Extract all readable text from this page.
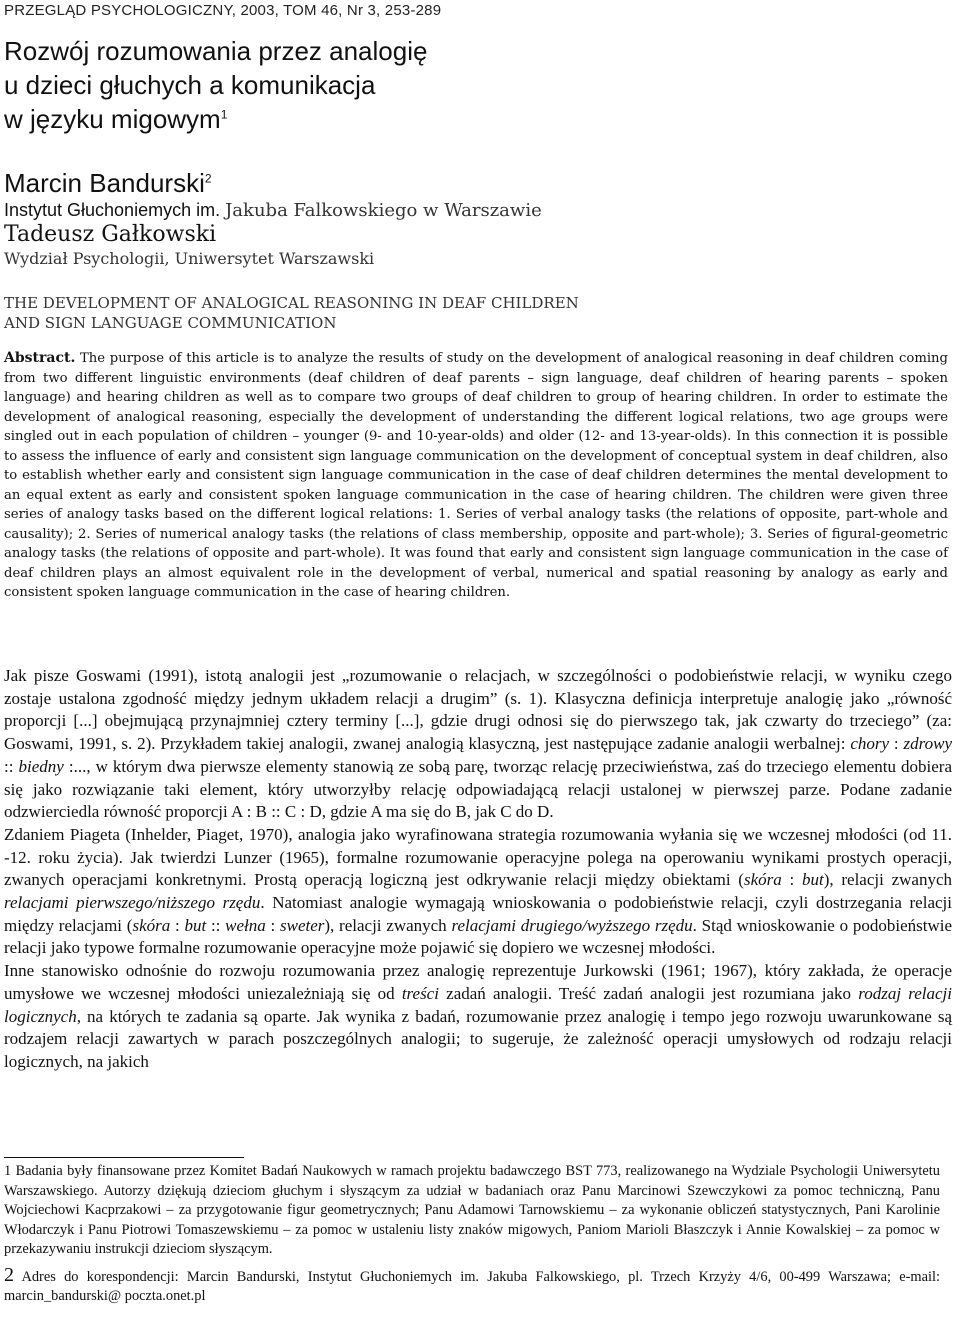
PRZEGLĄD PSYCHOLOGICZNY, 2003, TOM 46, Nr 3, 253-289
Rozwój rozumowania przez analogię
u dzieci głuchych a komunikacja
w języku migowym$^1$
Marcin Bandurski$^2$
Instytut Głuchoniemych im. Jakuba Falkowskiego w Warszawie
Tadeusz Gałkowski
Wydział Psychologii, Uniwersytet Warszawski
THE DEVELOPMENT OF ANALOGICAL REASONING IN DEAF CHILDREN
AND SIGN LANGUAGE COMMUNICATION
Abstract. The purpose of this article is to analyze the results of study on the development of analogical reasoning in deaf children coming from two different linguistic environments (deaf children of deaf parents – sign language, deaf children of hearing parents – spoken language) and hearing children as well as to compare two groups of deaf children to group of hearing children. In order to estimate the development of analogical reasoning, especially the development of understanding the different logical relations, two age groups were singled out in each population of children – younger (9- and 10-year-olds) and older (12- and 13-year-olds). In this connection it is possible to assess the influence of early and consistent sign language communication on the development of conceptual system in deaf children, also to establish whether early and consistent sign language communication in the case of deaf children determines the mental development to an equal extent as early and consistent spoken language communication in the case of hearing children. The children were given three series of analogy tasks based on the different logical relations: 1. Series of verbal analogy tasks (the relations of opposite, part-whole and causality); 2. Series of numerical analogy tasks (the relations of class membership, opposite and part-whole); 3. Series of figural-geometric analogy tasks (the relations of opposite and part-whole). It was found that early and consistent sign language communication in the case of deaf children plays an almost equivalent role in the development of verbal, numerical and spatial reasoning by analogy as early and consistent spoken language communication in the case of hearing children.

Jak pisze Goswami (1991), istotą analogii jest „rozumowanie o relacjach, w szczególności o podobieństwie relacji, w wyniku czego zostaje ustalona zgodność między jednym układem relacji a drugim” (s. 1). Klasyczna definicja interpretuje analogię jako „równość proporcji [...] obejmującą przynajmniej cztery terminy [...], gdzie drugi odnosi się do pierwszego tak, jak czwarty do trzeciego” (za: Goswami, 1991, s. 2). Przykładem takiej analogii, zwanej analogią klasyczną, jest następujące zadanie analogii werbalnej: chory : zdrowy :: biedny :..., w którym dwa pierwsze elementy stanowią ze sobą parę, tworząc relację przeciwieństwa, zaś do trzeciego elementu dobiera się jako rozwiązanie taki element, który utworzyłby relację odpowiadającą relacji ustalonej w pierwszej parze. Podane zadanie odzwierciedla równość proporcji A : B :: C : D, gdzie A ma się do B, jak C do D.

Zdaniem Piageta (Inhelder, Piaget, 1970), analogia jako wyrafinowana strategia rozumowania wyłania się we wczesnej młodości (od 11. -12. roku życia). Jak twierdzi Lunzer (1965), formalne rozumowanie operacyjne polega na operowaniu wynikami prostych operacji, zwanych operacjami konkretnymi. Prostą operacją logiczną jest odkrywanie relacji między obiektami (skóra : but), relacji zwanych relacjami pierwszego/niższego rzędu. Natomiast analogie wymagają wnioskowania o podobieństwie relacji, czyli dostrzegania relacji między relacjami (skóra : but :: wełna : sweter), relacji zwanych relacjami drugiego/wyższego rzędu. Stąd wnioskowanie o podobieństwie relacji jako typowe formalne rozumowanie operacyjne może pojawić się dopiero we wczesnej młodości.

Inne stanowisko odnośnie do rozwoju rozumowania przez analogię reprezentuje Jurkowski (1961; 1967), który zakłada, że operacje umysłowe we wczesnej młodości uniezależniają się od treści zadań analogii. Treść zadań analogii jest rozumiana jako rodzaj relacji logicznych, na których te zadania są oparte. Jak wynika z badań, rozumowanie przez analogię i tempo jego rozwoju uwarunkowane są rodzajem relacji zawartych w parach poszczególnych analogii; to sugeruje, że zależność operacji umysłowych od rodzaju relacji logicznych, na jakich

1 Badania były finansowane przez Komitet Badań Naukowych w ramach projektu badawczego BST 773, realizowanego na Wydziale Psychologii Uniwersytetu Warszawskiego. Autorzy dziękują dzieciom głuchym i słyszącym za udział w badaniach oraz Panu Marcinowi Szewczykowi za pomoc techniczną, Panu Wojciechowi Kacprzakowi – za przygotowanie figur geometrycznych; Panu Adamowi Tarnowskiemu – za wykonanie obliczeń statystycznych, Pani Karolinie Włodarczyk i Panu Piotrowi Tomaszewskiemu – za pomoc w ustaleniu listy znaków migowych, Paniom Marioli Błaszczyk i Annie Kowalskiej – za pomoc w przekazywaniu instrukcji dzieciom słyszącym.

2 Adres do korespondencji: Marcin Bandurski, Instytut Głuchoniemych im. Jakuba Falkowskiego, pl. Trzech Krzyży 4/6, 00-499 Warszawa; e-mail: marcin_bandurski@ poczta.onet.pl
